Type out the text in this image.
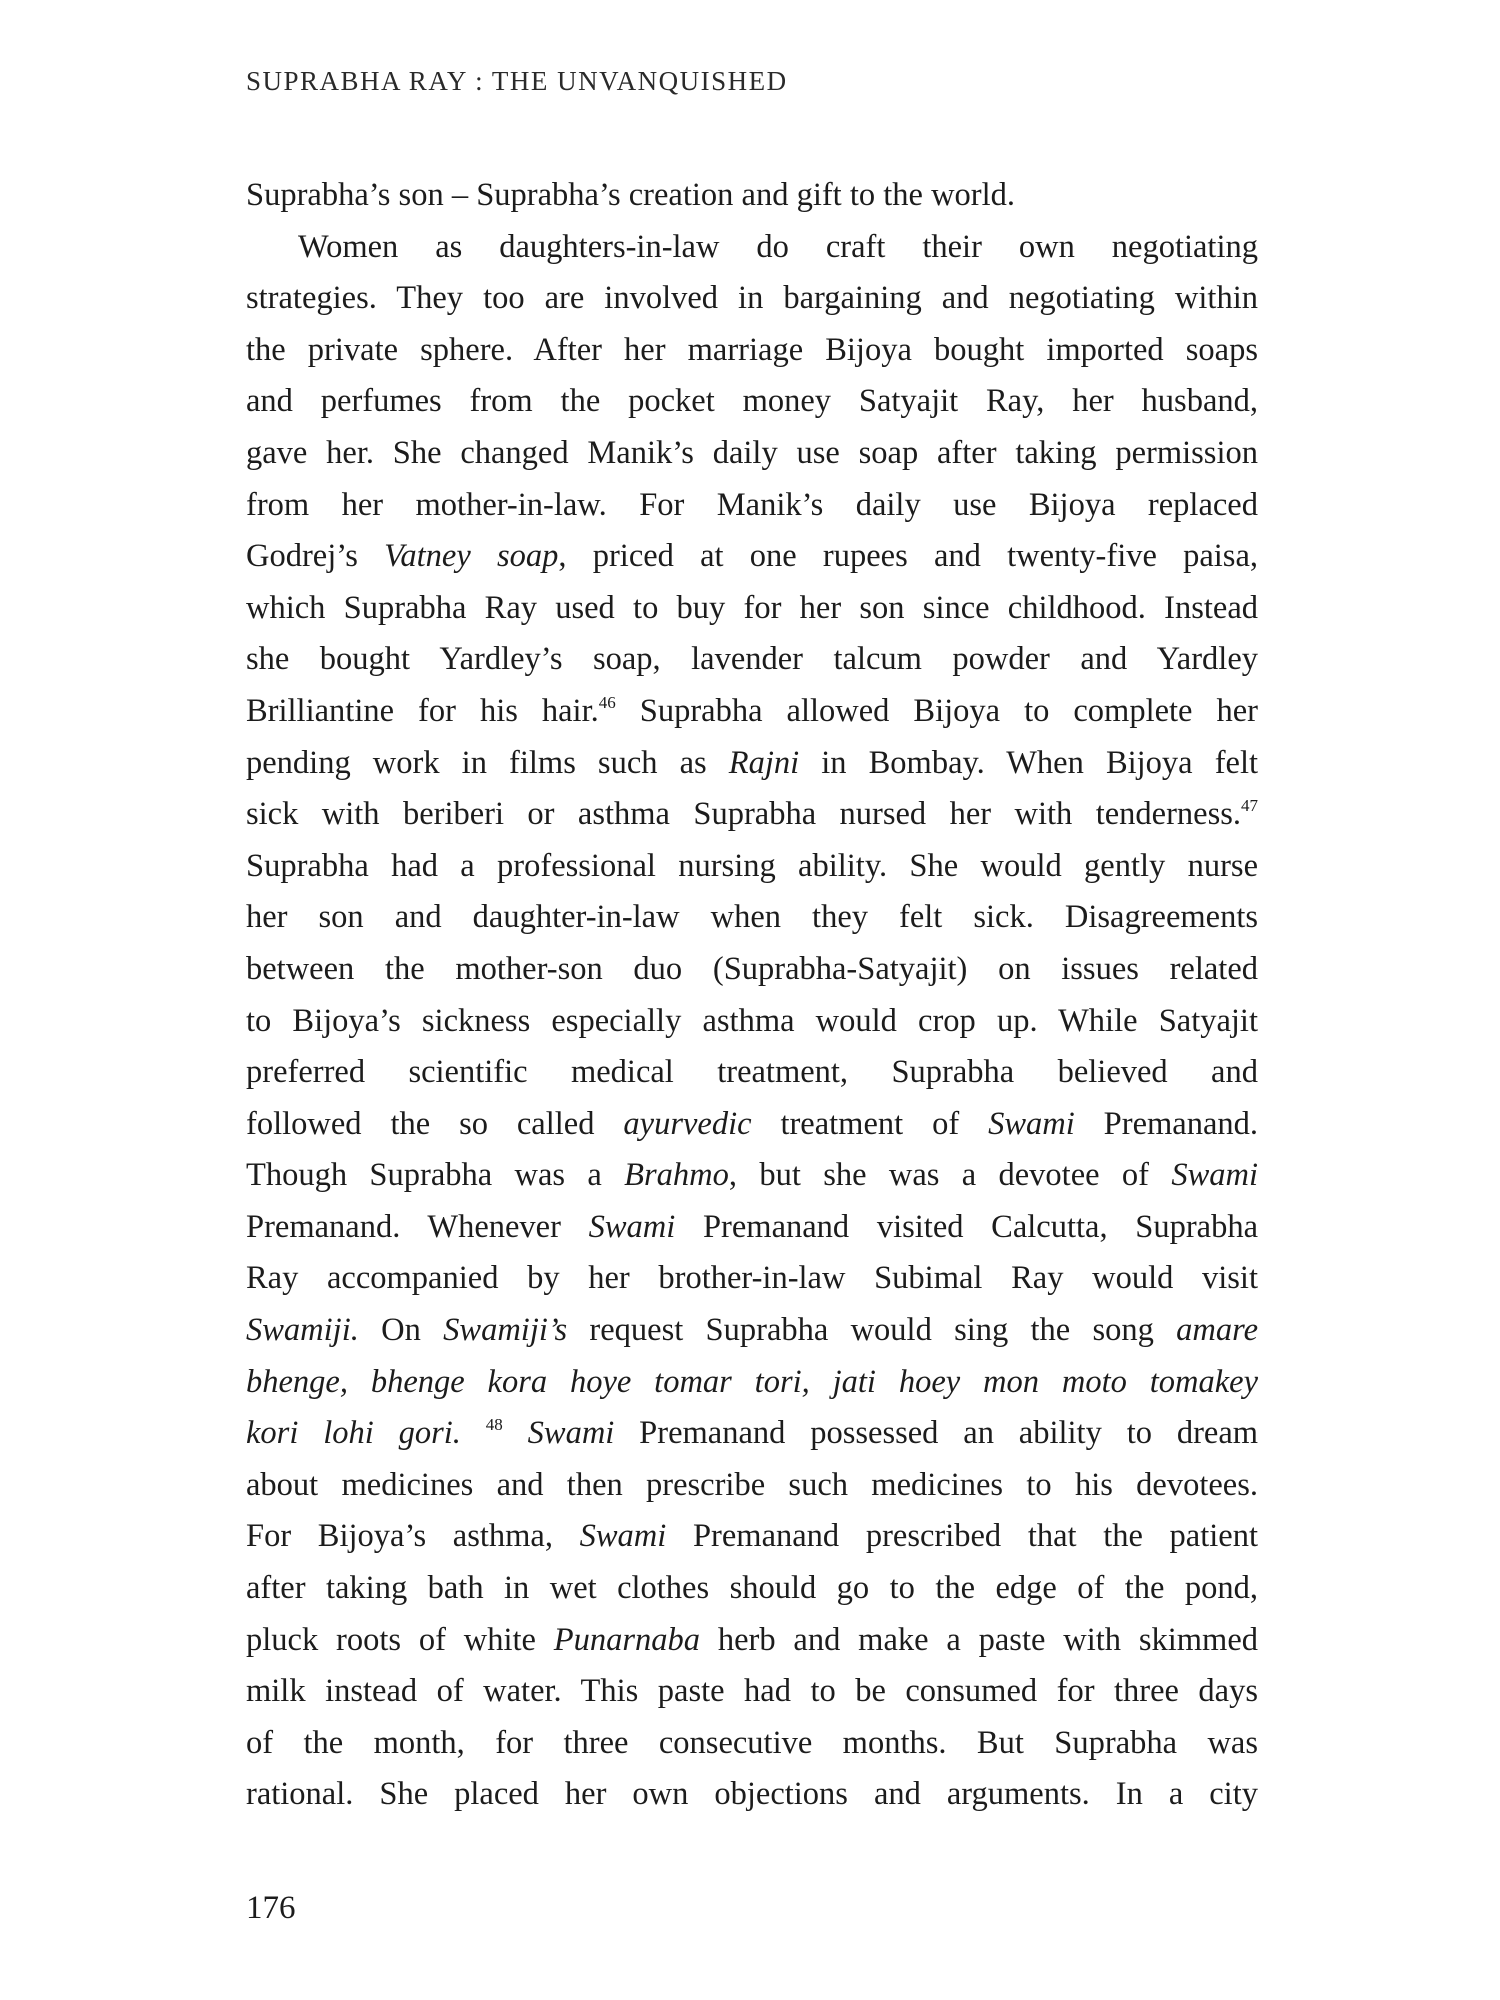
SUPRABHA RAY : THE UNVANQUISHED
Suprabha’s son – Suprabha’s creation and gift to the world.
Women as daughters-in-law do craft their own negotiating
strategies. They too are involved in bargaining and negotiating within
the private sphere. After her marriage Bijoya bought imported soaps
and perfumes from the pocket money Satyajit Ray, her husband,
gave her. She changed Manik’s daily use soap after taking permission
from her mother-in-law. For Manik’s daily use Bijoya replaced
Godrej’s Vatney soap, priced at one rupees and twenty-five paisa,
which Suprabha Ray used to buy for her son since childhood. Instead
she bought Yardley’s soap, lavender talcum powder and Yardley
Brilliantine for his hair.$^{46}$ Suprabha allowed Bijoya to complete her
pending work in films such as Rajni in Bombay. When Bijoya felt
sick with beriberi or asthma Suprabha nursed her with tenderness.$^{47}$
Suprabha had a professional nursing ability. She would gently nurse
her son and daughter-in-law when they felt sick. Disagreements
between the mother-son duo (Suprabha-Satyajit) on issues related
to Bijoya’s sickness especially asthma would crop up. While Satyajit
preferred scientific medical treatment, Suprabha believed and
followed the so called ayurvedic treatment of Swami Premanand.
Though Suprabha was a Brahmo, but she was a devotee of Swami
Premanand. Whenever Swami Premanand visited Calcutta, Suprabha
Ray accompanied by her brother-in-law Subimal Ray would visit
Swamiji. On Swamiji’s request Suprabha would sing the song amare
bhenge, bhenge kora hoye tomar tori, jati hoey mon moto tomakey
kori lohi gori. $^{48}$ Swami Premanand possessed an ability to dream
about medicines and then prescribe such medicines to his devotees.
For Bijoya’s asthma, Swami Premanand prescribed that the patient
after taking bath in wet clothes should go to the edge of the pond,
pluck roots of white Punarnaba herb and make a paste with skimmed
milk instead of water. This paste had to be consumed for three days
of the month, for three consecutive months. But Suprabha was
rational. She placed her own objections and arguments. In a city
176
